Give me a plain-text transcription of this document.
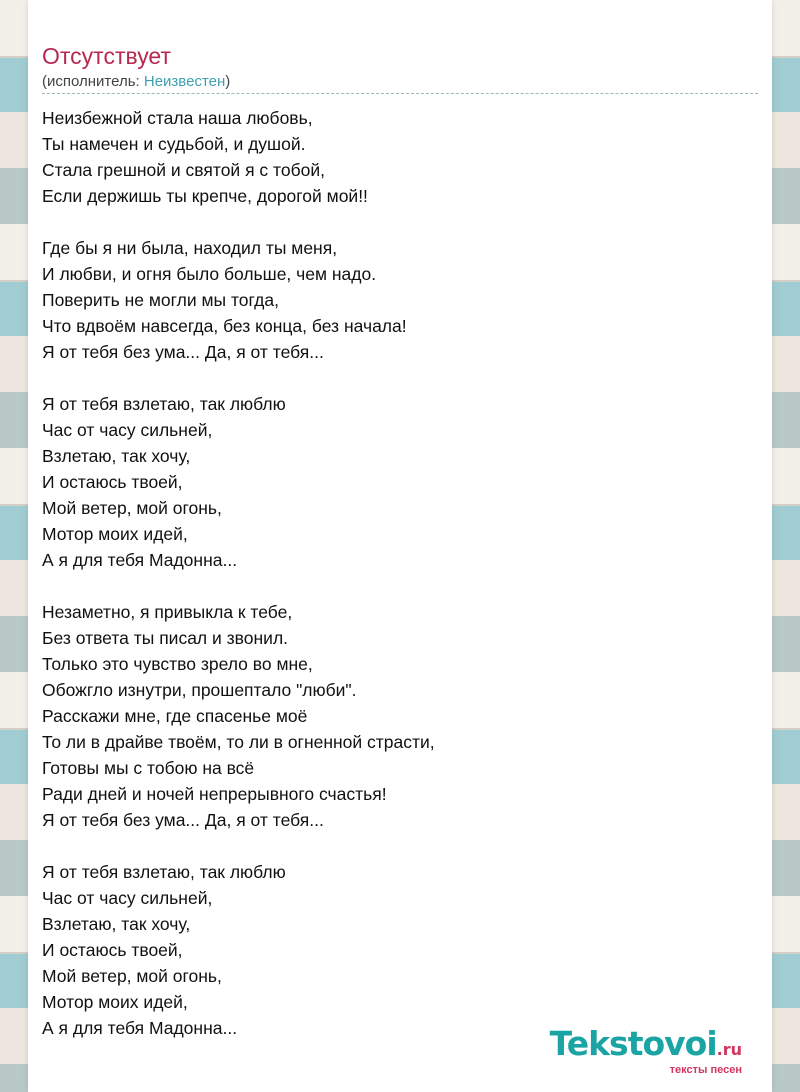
Отсутствует
(исполнитель: Неизвестен)
Неизбежной стала наша любовь,
Ты намечен и судьбой, и душой.
Стала грешной и святой я с тобой,
Если держишь ты крепче, дорогой мой!!
Где бы я ни была, находил ты меня,
И любви, и огня было больше, чем надо.
Поверить не могли мы тогда,
Что вдвоём навсегда, без конца, без начала!
Я от тебя без ума... Да, я от тебя...
Я от тебя взлетаю, так люблю
Час от часу сильней,
Взлетаю, так хочу,
И остаюсь твоей,
Мой ветер, мой огонь,
Мотор моих идей,
А я для тебя Мадонна...
Незаметно, я привыкла к тебе,
Без ответа ты писал и звонил.
Только это чувство зрело во мне,
Обожгло изнутри, прошептало "люби".
Расскажи мне, где спасенье моё
То ли в драйве твоём, то ли в огненной страсти,
Готовы мы с тобою на всё
Ради дней и ночей непрерывного счастья!
Я от тебя без ума... Да, я от тебя...
Я от тебя взлетаю, так люблю
Час от часу сильней,
Взлетаю, так хочу,
И остаюсь твоей,
Мой ветер, мой огонь,
Мотор моих идей,
А я для тебя Мадонна...	Tekstovoi.ru
тексты песен
